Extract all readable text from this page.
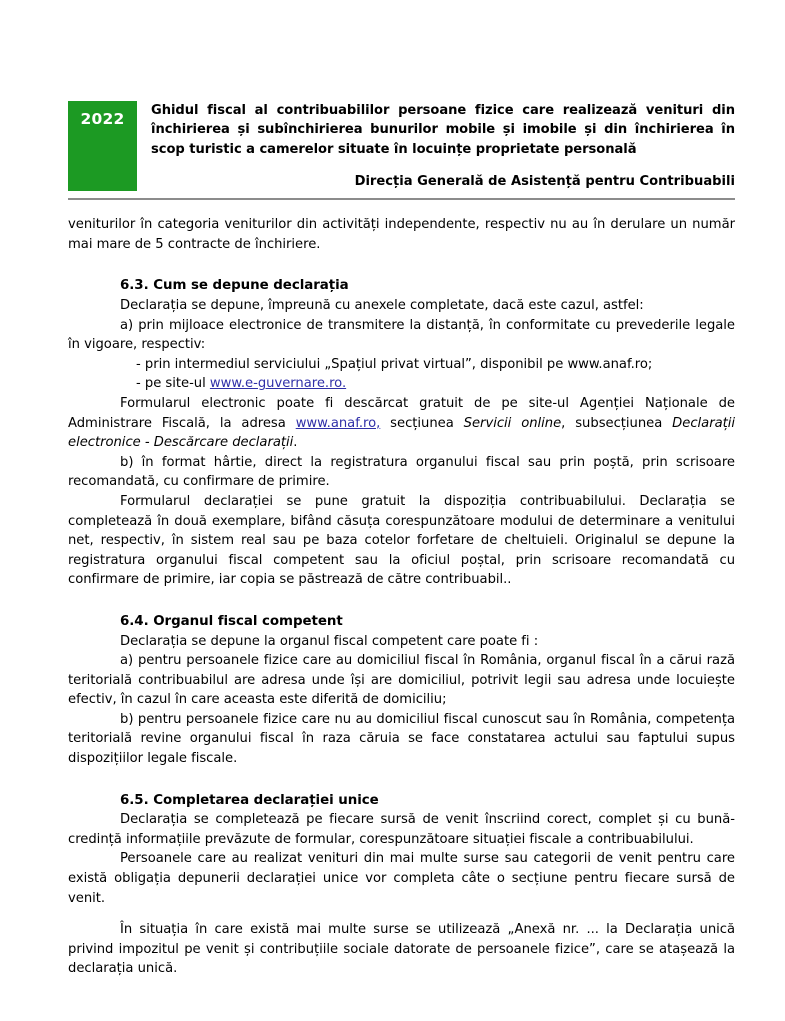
2022	Ghidul fiscal al contribuabililor persoane fizice care realizează venituri din închirierea și subînchirierea bunurilor mobile și imobile și din închirierea în scop turistic a camerelor situate în locuințe proprietate personală

Direcția Generală de Asistență pentru Contribuabili

veniturilor în categoria veniturilor din activități independente, respectiv nu au în derulare un număr mai mare de 5 contracte de închiriere.

6.3. Cum se depune declarația

Declarația se depune, împreună cu anexele completate, dacă este cazul, astfel:

a) prin mijloace electronice de transmitere la distanță, în conformitate cu prevederile legale în vigoare, respectiv:

- prin intermediul serviciului „Spațiul privat virtual”, disponibil pe www.anaf.ro;

- pe site-ul www.e-guvernare.ro.

Formularul electronic poate fi descărcat gratuit de pe site-ul Agenției Naționale de Administrare Fiscală, la adresa www.anaf.ro, secțiunea Servicii online, subsecțiunea Declarații electronice - Descărcare declarații.

b) în format hârtie, direct la registratura organului fiscal sau prin poștă, prin scrisoare recomandată, cu confirmare de primire.

Formularul declarației se pune gratuit la dispoziția contribuabilului. Declarația se completează în două exemplare, bifând căsuța corespunzătoare modului de determinare a venitului net, respectiv, în sistem real sau pe baza cotelor forfetare de cheltuieli. Originalul se depune la registratura organului fiscal competent sau la oficiul poștal, prin scrisoare recomandată cu confirmare de primire, iar copia se păstrează de către contribuabil..

6.4. Organul fiscal competent

Declarația se depune la organul fiscal competent care poate fi :

a) pentru persoanele fizice care au domiciliul fiscal în România, organul fiscal în a cărui rază teritorială contribuabilul are adresa unde își are domiciliul, potrivit legii sau adresa unde locuiește efectiv, în cazul în care aceasta este diferită de domiciliu;

b) pentru persoanele fizice care nu au domiciliul fiscal cunoscut sau în România, competența teritorială revine organului fiscal în raza căruia se face constatarea actului sau faptului supus dispozițiilor legale fiscale.

6.5. Completarea declarației unice

Declarația se completează pe fiecare sursă de venit înscriind corect, complet și cu bună-credință informațiile prevăzute de formular, corespunzătoare situației fiscale a contribuabilului.

Persoanele care au realizat venituri din mai multe surse sau categorii de venit pentru care există obligația depunerii declarației unice vor completa câte o secțiune pentru fiecare sursă de venit.

În situația în care există mai multe surse se utilizează „Anexă nr. ... la Declarația unică privind impozitul pe venit și contribuțiile sociale datorate de persoanele fizice”, care se atașează la declarația unică.
